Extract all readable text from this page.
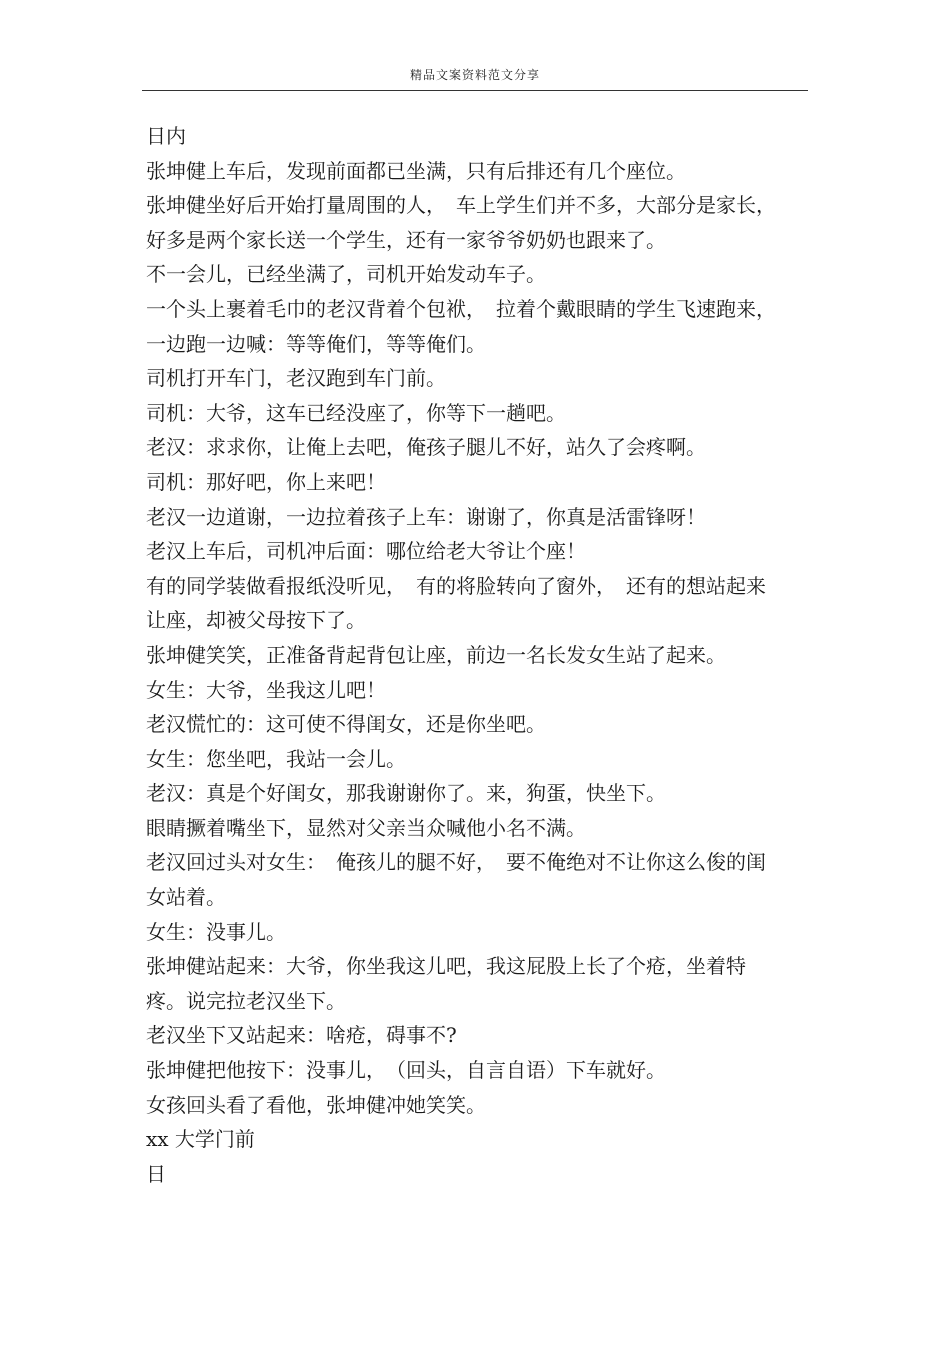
精品文案资料范文分享
日内
张坤健上车后，发现前面都已坐满，只有后排还有几个座位。
张坤健坐好后开始打量周围的人，　车上学生们并不多，大部分是家长，
好多是两个家长送一个学生，还有一家爷爷奶奶也跟来了。
不一会儿，已经坐满了，司机开始发动车子。
一个头上裹着毛巾的老汉背着个包袱，　拉着个戴眼睛的学生飞速跑来，
一边跑一边喊：等等俺们，等等俺们。
司机打开车门，老汉跑到车门前。
司机：大爷，这车已经没座了，你等下一趟吧。
老汉：求求你，让俺上去吧，俺孩子腿儿不好，站久了会疼啊。
司机：那好吧，你上来吧！
老汉一边道谢，一边拉着孩子上车：谢谢了，你真是活雷锋呀！
老汉上车后，司机冲后面：哪位给老大爷让个座！
有的同学装做看报纸没听见，　有的将脸转向了窗外，　还有的想站起来
让座，却被父母按下了。
张坤健笑笑，正准备背起背包让座，前边一名长发女生站了起来。
女生：大爷，坐我这儿吧！
老汉慌忙的：这可使不得闺女，还是你坐吧。
女生：您坐吧，我站一会儿。
老汉：真是个好闺女，那我谢谢你了。来，狗蛋，快坐下。
眼睛撅着嘴坐下，显然对父亲当众喊他小名不满。
老汉回过头对女生：　俺孩儿的腿不好，　要不俺绝对不让你这么俊的闺
女站着。
女生：没事儿。
张坤健站起来：大爷，你坐我这儿吧，我这屁股上长了个疮，坐着特
疼。说完拉老汉坐下。
老汉坐下又站起来：啥疮，碍事不?
张坤健把他按下：没事儿，　（回头，自言自语）下车就好。
女孩回头看了看他，张坤健冲她笑笑。
xx 大学门前
日
